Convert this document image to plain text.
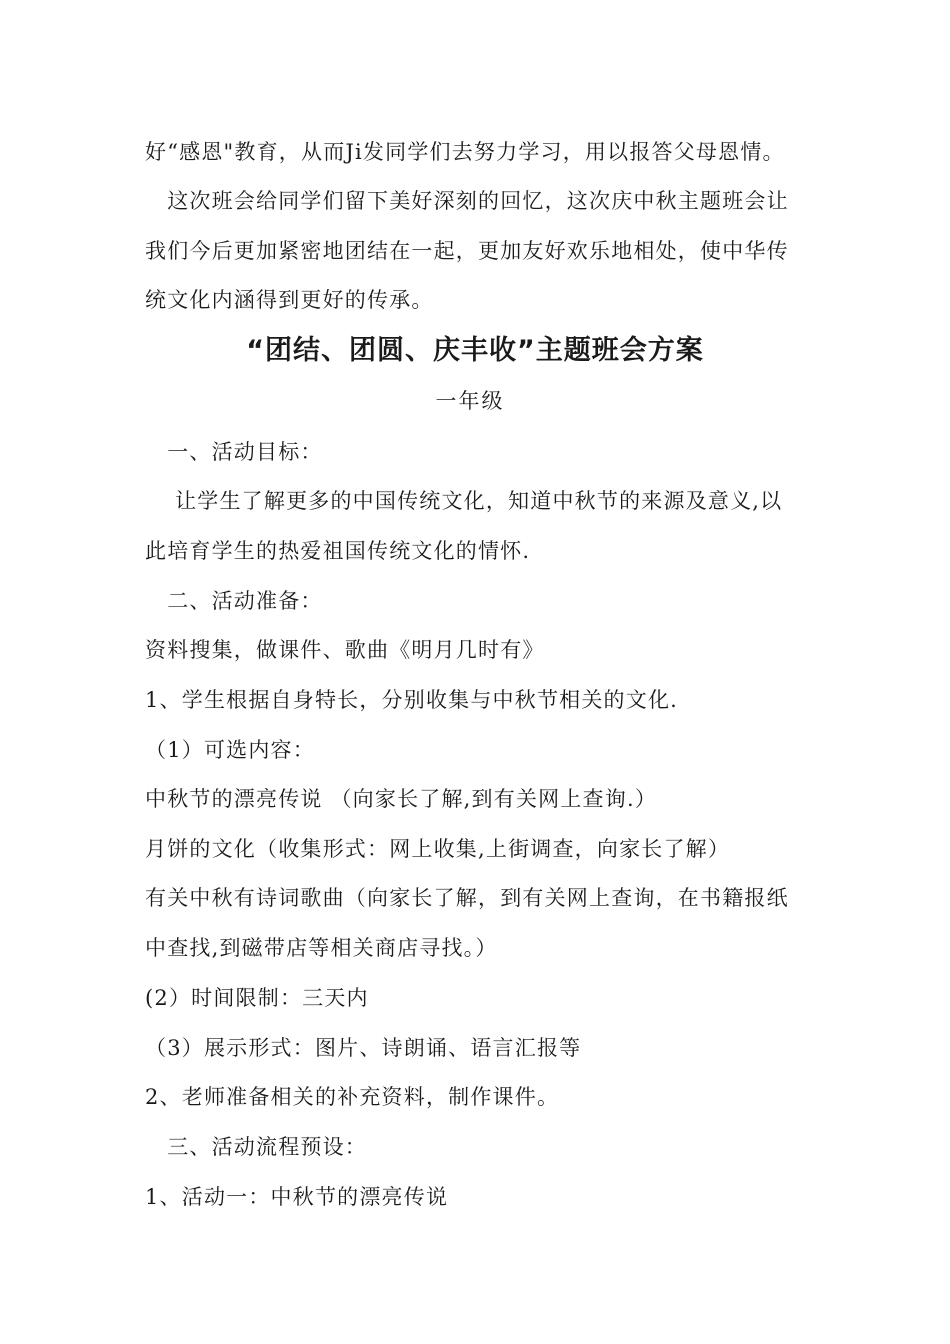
好“感恩"教育，从而Ji发同学们去努力学习，用以报答父母恩情。
　这次班会给同学们留下美好深刻的回忆，这次庆中秋主题班会让
我们今后更加紧密地团结在一起，更加友好欢乐地相处，使中华传
统文化内涵得到更好的传承。
“团结、团圆、庆丰收”主题班会方案
一年级
　一、活动目标：
　 让学生了解更多的中国传统文化，知道中秋节的来源及意义,以
此培育学生的热爱祖国传统文化的情怀.
　二、活动准备：
资料搜集，做课件、歌曲《明月几时有》
1、学生根据自身特长，分别收集与中秋节相关的文化.
（1）可选内容：
中秋节的漂亮传说 （向家长了解,到有关网上查询.）
月饼的文化（收集形式：网上收集,上街调查，向家长了解）
有关中秋有诗词歌曲（向家长了解，到有关网上查询，在书籍报纸
中查找,到磁带店等相关商店寻找。）
(2）时间限制：三天内
（3）展示形式：图片、诗朗诵、语言汇报等
2、老师准备相关的补充资料，制作课件。
　三、活动流程预设：
1、活动一：中秋节的漂亮传说
